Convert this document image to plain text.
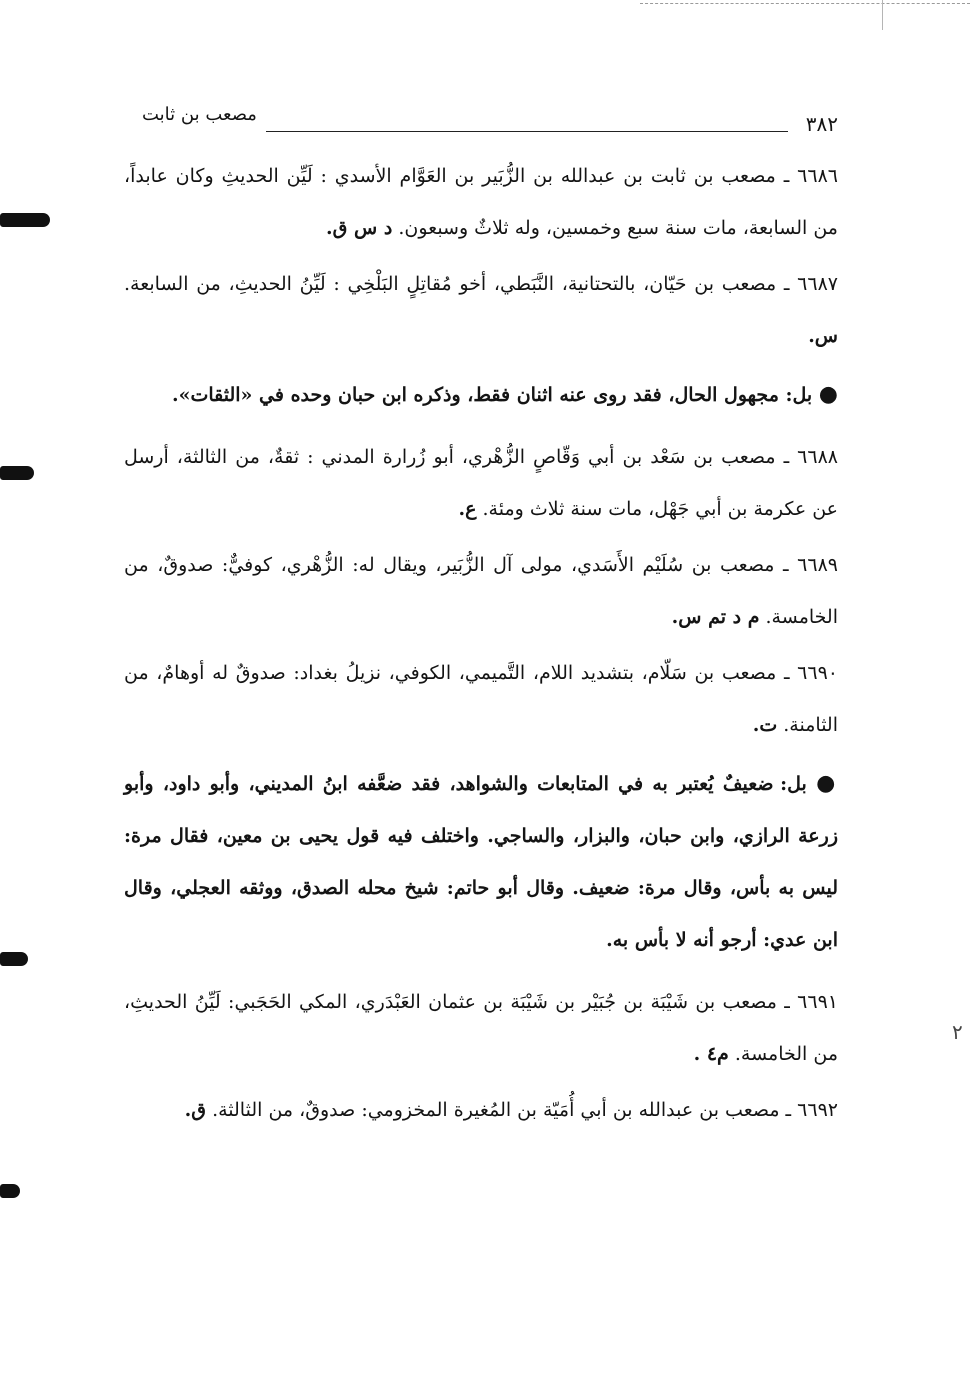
٢
٣٨٢
مصعب بن ثابت

٦٦٨٦ ـ مصعب بن ثابت بن عبدالله بن الزُّبَير بن العَوَّام الأسدي : لَيِّن الحديثِ وكان عابداً، من السابعة، مات سنة سبع وخمسين، وله ثلاثٌ وسبعون. د س ق.

٦٦٨٧ ـ مصعب بن حَيّان، بالتحتانية، النَّبَطي، أخو مُقاتِلٍ البَلْخِي : لَيِّنُ الحديثِ، من السابعة. س.

● بل: مجهول الحال، فقد روى عنه اثنان فقط، وذكره ابن حبان وحده في «الثقات».

٦٦٨٨ ـ مصعب بن سَعْد بن أبي وَقّاصٍ الزُّهْري، أبو زُرارة المدني : ثقةٌ، من الثالثة، أرسل عن عكرمة بن أبي جَهْل، مات سنة ثلاث ومئة. ع.

٦٦٨٩ ـ مصعب بن سُلَيْم الأَسَدي، مولى آل الزُّبَير، ويقال له: الزُّهْري، كوفيٌّ: صدوقٌ، من الخامسة. م د تم س.

٦٦٩٠ ـ مصعب بن سَلّام، بتشديد اللام، التَّميمي، الكوفي، نزيلُ بغداد: صدوقٌ له أوهامٌ، من الثامنة. ت.

● بل: ضعيفٌ يُعتبر به في المتابعات والشواهد، فقد ضعَّفه ابنُ المديني، وأبو داود، وأبو زرعة الرازي، وابن حبان، والبزار، والساجي. واختلف فيه قول يحيى بن معين، فقال مرة: ليس به بأس، وقال مرة: ضعيف. وقال أبو حاتم: شيخ محله الصدق، ووثقه العجلي، وقال ابن عدي: أرجو أنه لا بأس به.

٦٦٩١ ـ مصعب بن شَيْبَة بن جُبَيْر بن شَيْبَة بن عثمان العَبْدَري، المكي الحَجَبي: لَيِّنُ الحديثِ، من الخامسة. م٤ .

٦٦٩٢ ـ مصعب بن عبدالله بن أبي أُمَيّة بن المُغيرة المخزومي: صدوقٌ، من الثالثة. ق.
